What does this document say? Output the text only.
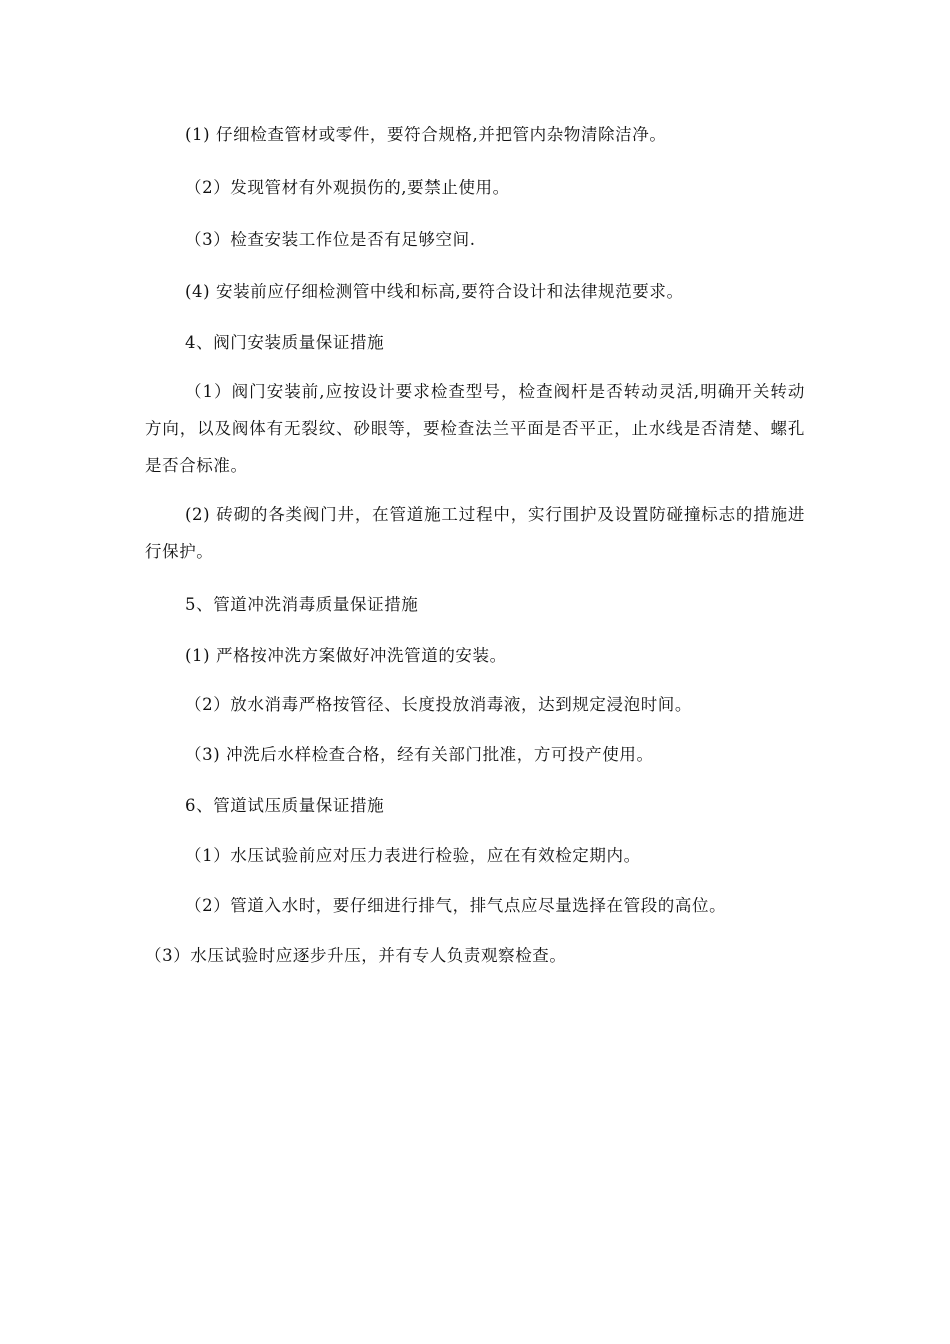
(1) 仔细检查管材或零件，要符合规格,并把管内杂物清除洁净。
（2）发现管材有外观损伤的,要禁止使用。
（3）检查安装工作位是否有足够空间.
(4) 安装前应仔细检测管中线和标高,要符合设计和法律规范要求。
4、阀门安装质量保证措施
（1）阀门安装前,应按设计要求检查型号，检查阀杆是否转动灵活,明确开关转动方向，以及阀体有无裂纹、砂眼等，要检查法兰平面是否平正，止水线是否清楚、螺孔是否合标准。
(2) 砖砌的各类阀门井，在管道施工过程中，实行围护及设置防碰撞标志的措施进行保护。
5、管道冲洗消毒质量保证措施
(1) 严格按冲洗方案做好冲洗管道的安装。
（2）放水消毒严格按管径、长度投放消毒液，达到规定浸泡时间。
（3) 冲洗后水样检查合格，经有关部门批准，方可投产使用。
6、管道试压质量保证措施
（1）水压试验前应对压力表进行检验，应在有效检定期内。
（2）管道入水时，要仔细进行排气，排气点应尽量选择在管段的高位。
（3）水压试验时应逐步升压，并有专人负责观察检查。
